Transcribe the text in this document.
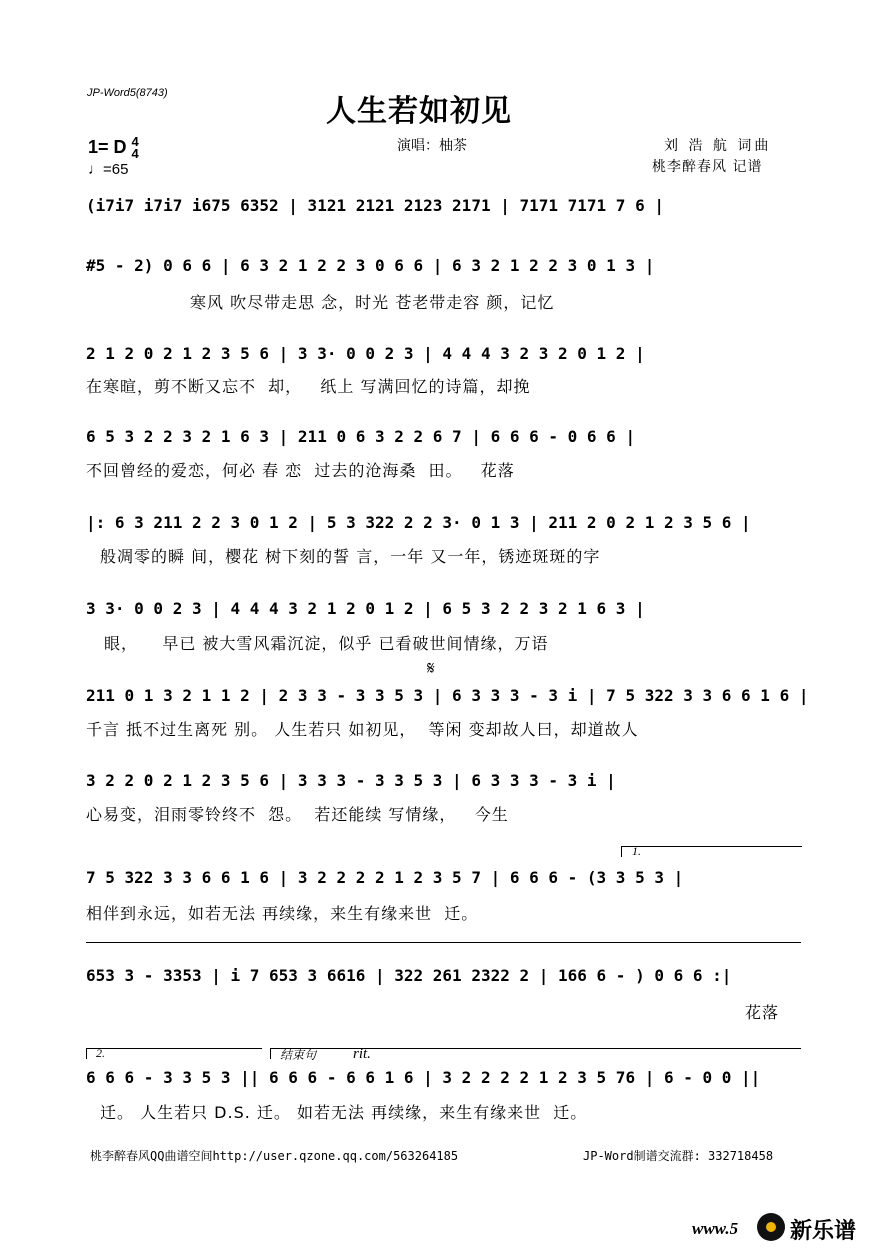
JP-Word5(8743)
人生若如初见
演唱：柚茶	刘 浩 航 词曲
桃李醉春风 记谱
1= D 4
4
♩=65
(i7i7 i7i7 i675 6352 | 3121 2121 2123 2171 | 7171 7171 7 6 |
#5 - 2) 0 6 6 | 6 3 2 1 2 2 3 0 6 6 | 6 3 2 1 2 2 3 0 1 3 |
寒风 吹尽带走思 念，时光 苍老带走容 颜，记忆
2 1 2 0 2 1 2 3 5 6 | 3 3· 0 0 2 3 | 4 4 4 3 2 3 2 0 1 2 |
在寒暄，剪不断又忘不  却，   纸上 写满回忆的诗篇，却挽
6 5 3 2 2 3 2 1 6 3 | 211 0 6 3 2 2 6 7 | 6 6 6 - 0 6 6 |
不回曾经的爱恋，何必 春 恋  过去的沧海桑  田。   花落
|: 6 3 211 2 2 3 0 1 2 | 5 3 322 2 2 3· 0 1 3 | 211 2 0 2 1 2 3 5 6 |
般凋零的瞬 间，樱花 树下刻的誓 言，一年 又一年，锈迹斑斑的字
3 3· 0 0 2 3 | 4 4 4 3 2 1 2 0 1 2 | 6 5 3 2 2 3 2 1 6 3 |
眼，    早已 被大雪风霜沉淀，似乎 已看破世间情缘，万语
𝄋
211 0 1 3 2 1 1 2 | 2 3 3 - 3 3 5 3 | 6 3 3 3 - 3 i | 7 5 322 3 3 6 6 1 6 |
千言 抵不过生离死 别。 人生若只 如初见，  等闲 变却故人曰，却道故人
3 2 2 0 2 1 2 3 5 6 | 3 3 3 - 3 3 5 3 | 6 3 3 3 - 3 i |
心易变，泪雨零铃终不  怨。  若还能续 写情缘，   今生
1.
7 5 322 3 3 6 6 1 6 | 3 2 2 2 2 1 2 3 5 7 | 6 6 6 - (3 3 5 3 |
相伴到永远，如若无法 再续缘，来生有缘来世  迁。
653 3 - 3353 | i 7 653 3 6616 | 322 261 2322 2 | 166 6 - ) 0 6 6 :|
花落
2.	结束句 rit.
6 6 6 - 3 3 5 3 || 6 6 6 - 6 6 1 6 | 3 2 2 2 2 1 2 3 5 76 | 6 - 0 0 ||
迁。 人生若只 D.S. 迁。 如若无法 再续缘，来生有缘来世  迁。
桃李醉春风QQ曲谱空间http://user.qzone.qq.com/563264185	JP-Word制谱交流群: 332718458
www.5 新乐谱
